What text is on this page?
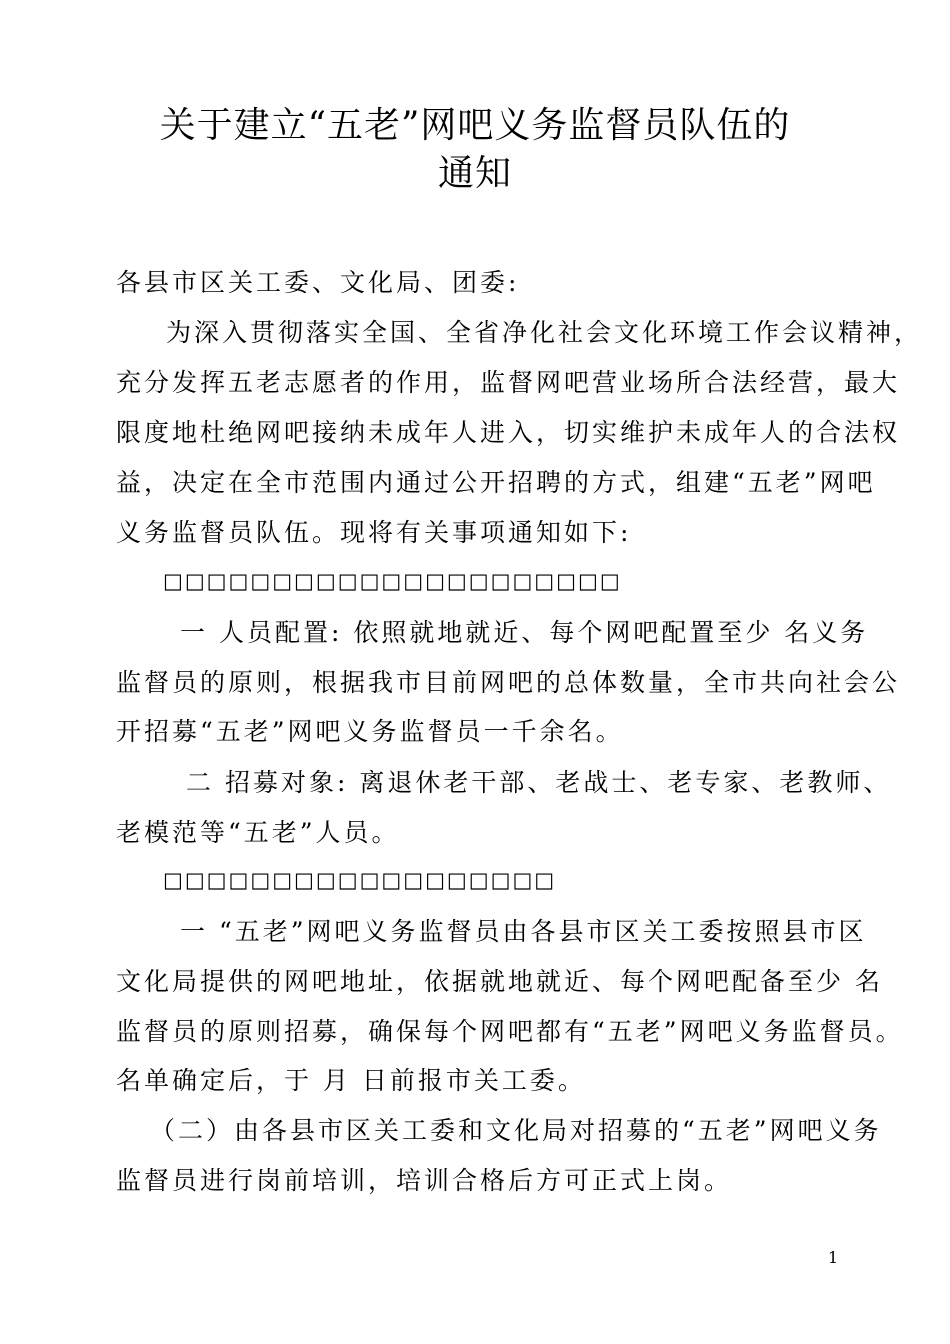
关于建立“五老”网吧义务监督员队伍的
通知
各县市区关工委、文化局、团委:
为深入贯彻落实全国、全省净化社会文化环境工作会议精神，
充分发挥五老志愿者的作用，监督网吧营业场所合法经营，最大
限度地杜绝网吧接纳未成年人进入，切实维护未成年人的合法权
益，决定在全市范围内通过公开招聘的方式，组建“五老”网吧
义务监督员队伍。现将有关事项通知如下:
□□□□□□□□□□□□□□□□□□□□□
一 人员配置: 依照就地就近、每个网吧配置至少 名义务
监督员的原则，根据我市目前网吧的总体数量，全市共向社会公
开招募“五老”网吧义务监督员一千余名。
二 招募对象: 离退休老干部、老战士、老专家、老教师、
老模范等“五老”人员。
□□□□□□□□□□□□□□□□□□
一 “五老”网吧义务监督员由各县市区关工委按照县市区
文化局提供的网吧地址，依据就地就近、每个网吧配备至少 名
监督员的原则招募，确保每个网吧都有“五老”网吧义务监督员。
名单确定后，于 月 日前报市关工委。
（二）由各县市区关工委和文化局对招募的“五老”网吧义务
监督员进行岗前培训，培训合格后方可正式上岗。
1
